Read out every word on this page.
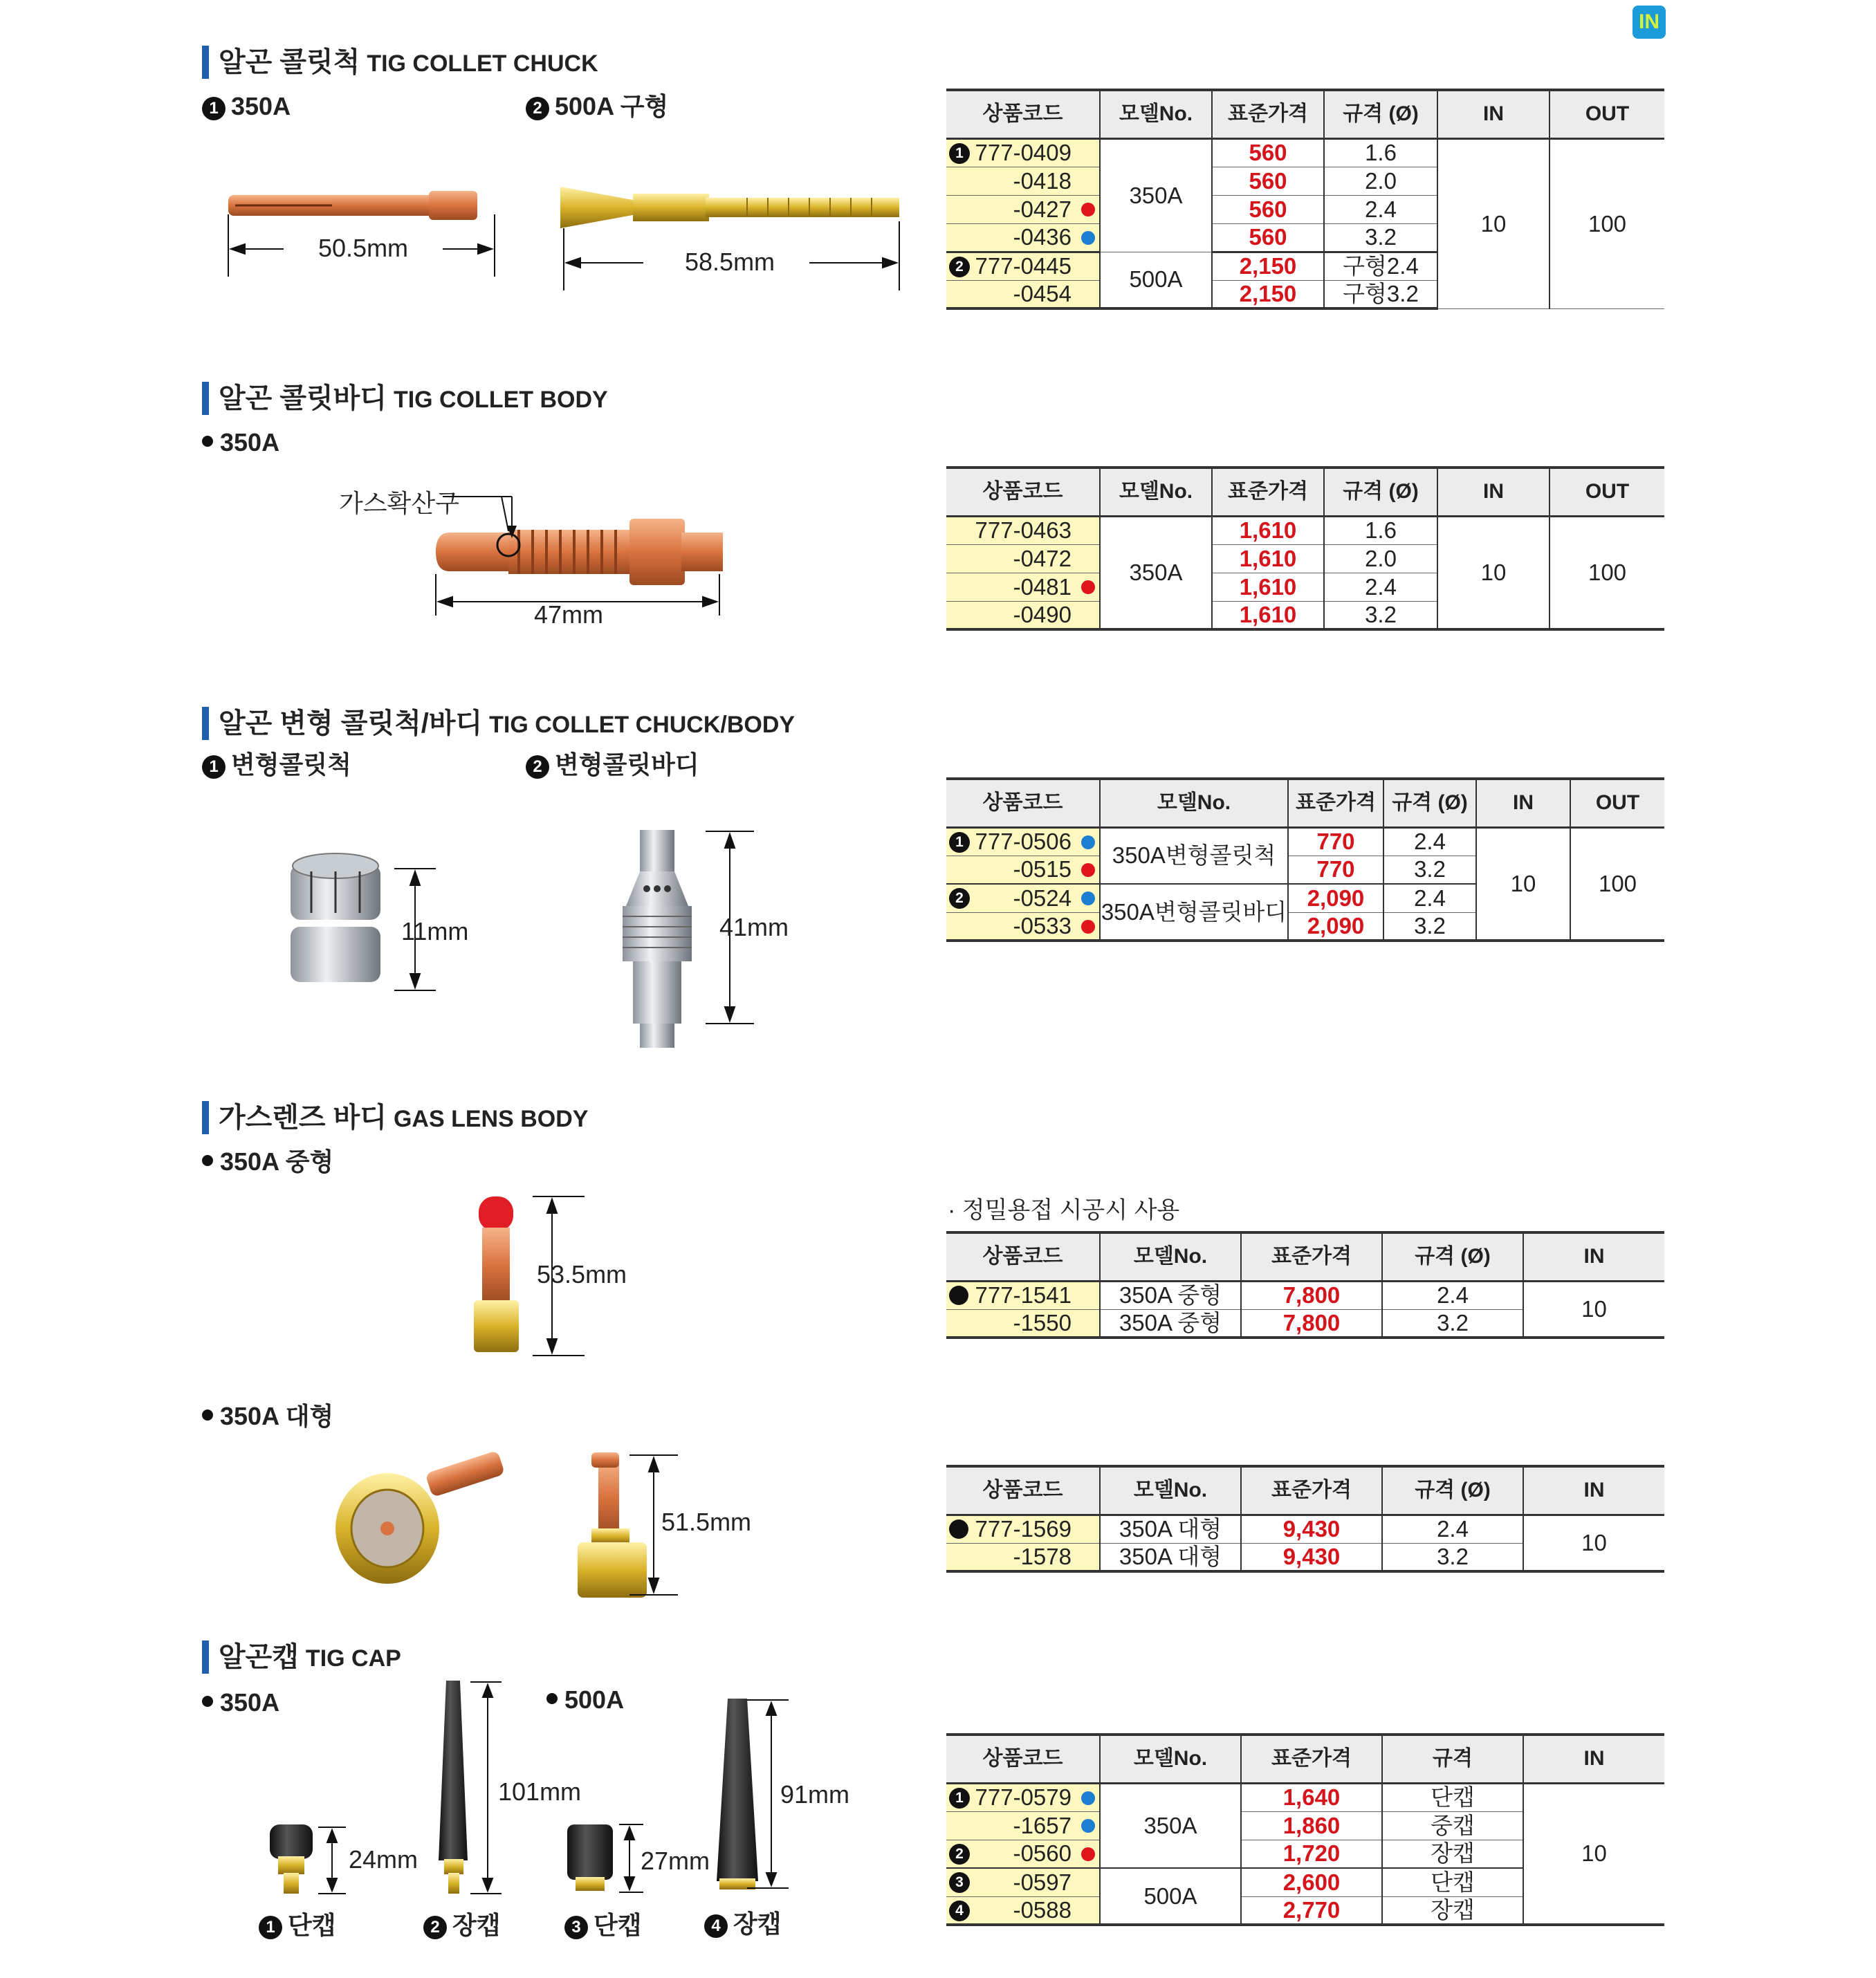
IN
알곤 콜릿척 TIG COLLET CHUCK
1 350A	2 500A 구형
50.5mm	58.5mm
상품코드	모델No.	표준가격	규격 (Ø)	IN	OUT

1 777-0409	350A	560	1.6	10	100
-0418		560	2.0		
-0427		560	2.4		
-0436		560	3.2		

2 777-0445	500A	2,150	구형2.4		
-0454		2,150	구형3.2		
알곤 콜릿바디 TIG COLLET BODY
350A
가스확산구
47mm
상품코드	모델No.	표준가격	규격 (Ø)	IN	OUT
777-0463	350A	1,610	1.6	10	100
-0472		1,610	2.0		
-0481		1,610	2.4		
-0490		1,610	3.2		
알곤 변형 콜릿척/바디 TIG COLLET CHUCK/BODY
1 변형콜릿척	2 변형콜릿바디
11mm	41mm
상품코드	모델No.	표준가격	규격 (Ø)	IN	OUT

1 777-0506	350A변형콜릿척	770	2.4	10	100
-0515		770	3.2		

2 -0524	350A변형콜릿바디	2,090	2.4		
-0533		2,090	3.2		
가스렌즈 바디 GAS LENS BODY
350A 중형
53.5mm
· 정밀용접 시공시 사용
상품코드	모델No.	표준가격	규격 (Ø)	IN

777-1541	350A 중형	7,800	2.4	10
-1550	350A 중형	7,800	3.2	
350A 대형
51.5mm
상품코드	모델No.	표준가격	규격 (Ø)	IN

777-1569	350A 대형	9,430	2.4	10
-1578	350A 대형	9,430	3.2	
알곤캡 TIG CAP
350A	500A
24mm
101mm
27mm
91mm
1 단캡	2 장캡	3 단캡	4 장캡
상품코드	모델No.	표준가격	규격	IN

1 777-0579	350A	1,640	단캡	10
-1657		1,860	중캡	

2 -0560		1,720	장캡	

3 -0597	500A	2,600	단캡	

4 -0588		2,770	장캡	
